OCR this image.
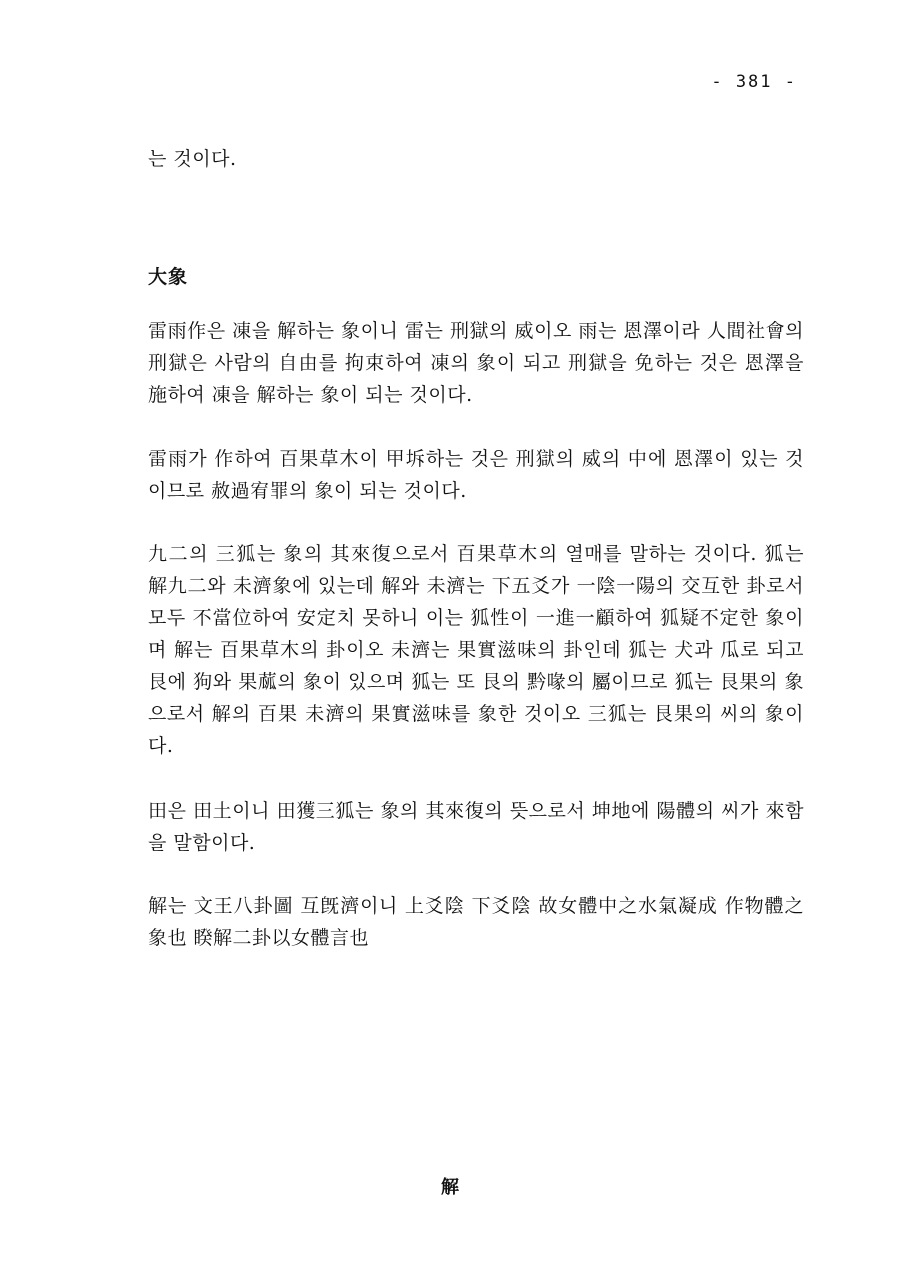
- 381 -
는 것이다.
大象
雷雨作은 凍을 解하는 象이니 雷는 刑獄의 威이오 雨는 恩澤이라 人間社會의 刑獄은 사람의 自由를 拘束하여 凍의 象이 되고 刑獄을 免하는 것은 恩澤을 施하여 凍을 解하는 象이 되는 것이다.
雷雨가 作하여 百果草木이 甲坼하는 것은 刑獄의 威의 中에 恩澤이 있는 것이므로 赦過宥罪의 象이 되는 것이다.
九二의 三狐는 象의 其來復으로서 百果草木의 열매를 말하는 것이다. 狐는 解九二와 未濟象에 있는데 解와 未濟는 下五爻가 一陰一陽의 交互한 卦로서 모두 不當位하여 安定치 못하니 이는 狐性이 一進一顧하여 狐疑不定한 象이며 解는 百果草木의 卦이오 未濟는 果實滋味의 卦인데 狐는 犬과 瓜로 되고 艮에 狗와 果蓏의 象이 있으며 狐는 또 艮의 黔喙의 屬이므로 狐는 艮果의 象으로서 解의 百果 未濟의 果實滋味를 象한 것이오 三狐는 艮果의 씨의 象이다.
田은 田土이니 田獲三狐는 象의 其來復의 뜻으로서 坤地에 陽體의 씨가 來함을 말함이다.
解는 文王八卦圖 互旣濟이니 上爻陰 下爻陰 故女體中之水氣凝成 作物體之象也 睽解二卦以女體言也
解
